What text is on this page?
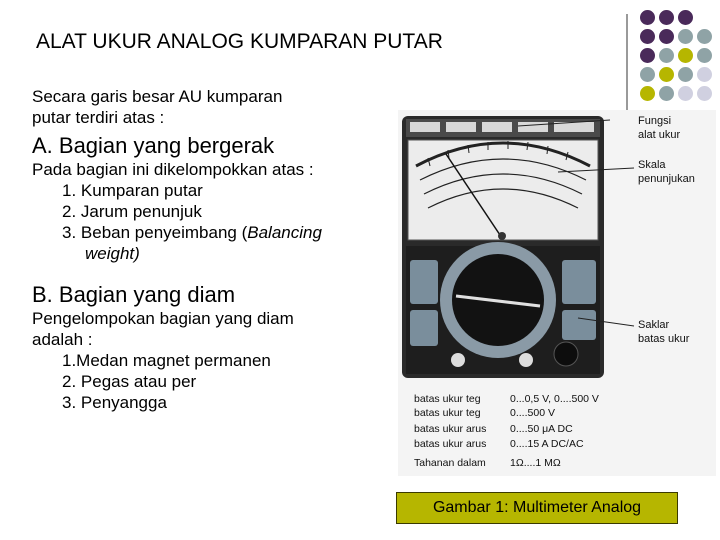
ALAT UKUR ANALOG KUMPARAN PUTAR

Secara garis besar AU kumparan

putar terdiri atas :

A. Bagian yang bergerak

Pada bagian ini dikelompokkan atas :

1. Kumparan putar

2. Jarum penunjuk

3. Beban penyeimbang (Balancing

weight)

B. Bagian yang diam

Pengelompokan bagian yang diam

adalah :

1.Medan magnet permanen

2. Pegas atau per

3. Penyangga

Fungsi
alat ukur
Skala
penunjukan
Saklar
batas ukur
batas ukur teg	0...0,5 V, 0....500 V
batas ukur teg	0....500 V
batas ukur arus 0....50 μA DC
batas ukur arus 0....15 A DC/AC
Tahanan dalam 1Ω....1 MΩ
Gambar 1: Multimeter Analog
